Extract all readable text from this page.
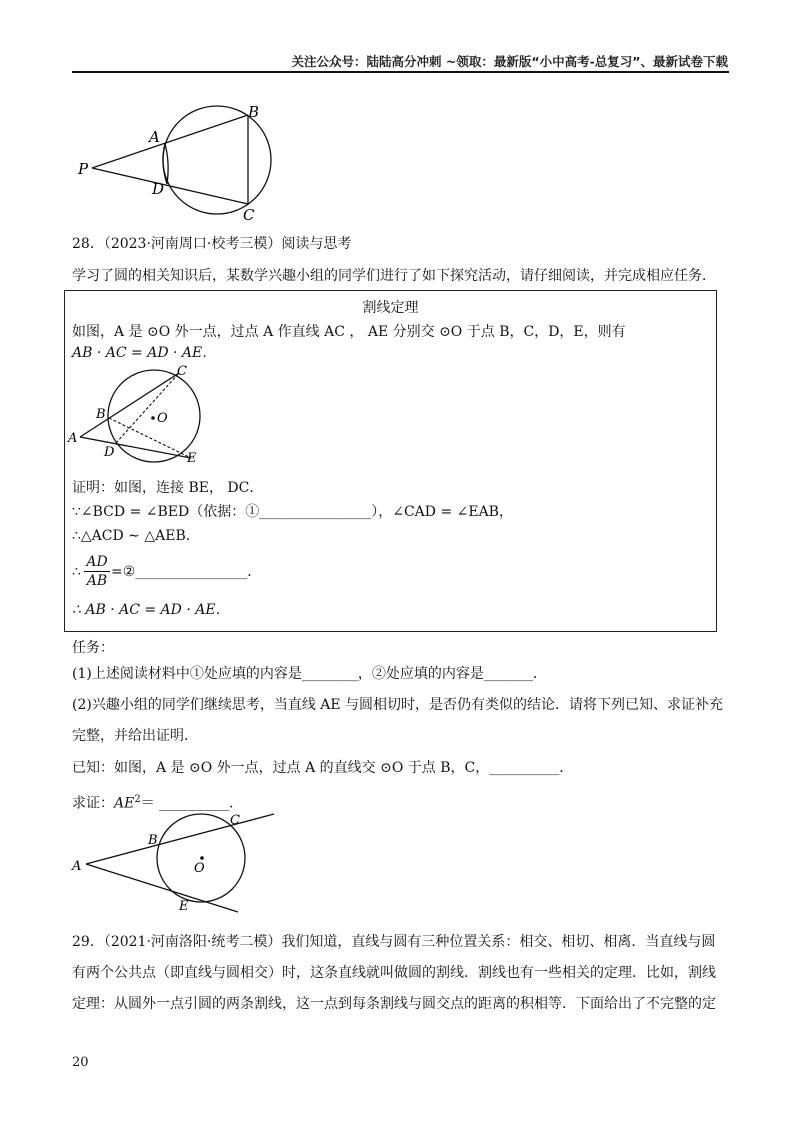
关注公众号：陆陆高分冲刺 ~领取：最新版“小中高考-总复习”、最新试卷下载
A
B
C
D
P
28．（2023·河南周口·校考三模）阅读与思考
学习了圆的相关知识后，某数学兴趣小组的同学们进行了如下探究活动，请仔细阅读，并完成相应任务．
割线定理
如图，A 是 ⊙O 外一点，过点 A 作直线 AC ， AE 分别交 ⊙O 于点 B，C，D，E，则有
AB · AC = AD · AE．
A
B
C
D	E
O
证明：如图，连接 BE， DC．
∵∠BCD = ∠BED（依据：①________________），∠CAD = ∠EAB，
∴△ACD ∼ △AEB．
∴ $\frac{AD}{AB}$ =②________________．
∴ AB · AC = AD · AE．
任务：
(1)上述阅读材料中①处应填的内容是________，②处应填的内容是_______．
(2)兴趣小组的同学们继续思考，当直线 AE 与圆相切时，是否仍有类似的结论．请将下列已知、求证补充
完整，并给出证明．
已知：如图，A 是 ⊙O 外一点，过点 A 的直线交 ⊙O 于点 B，C，__________．
求证：$AE^2=$ __________．
A
B
C
E
O
29．（2021·河南洛阳·统考二模）我们知道，直线与圆有三种位置关系：相交、相切、相离．当直线与圆
有两个公共点（即直线与圆相交）时，这条直线就叫做圆的割线．割线也有一些相关的定理．比如，割线
定理：从圆外一点引圆的两条割线，这一点到每条割线与圆交点的距离的积相等．下面给出了不完整的定
20
